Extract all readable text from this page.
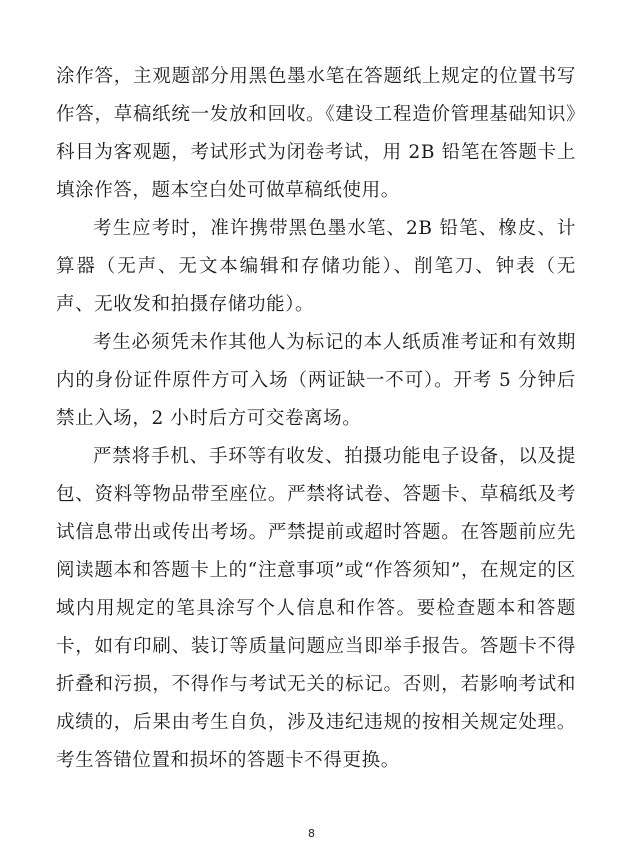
涂作答，主观题部分用黑色墨水笔在答题纸上规定的位置书写作答，草稿纸统一发放和回收。《建设工程造价管理基础知识》科目为客观题，考试形式为闭卷考试，用 2B 铅笔在答题卡上填涂作答，题本空白处可做草稿纸使用。

考生应考时，准许携带黑色墨水笔、2B 铅笔、橡皮、计算器（无声、无文本编辑和存储功能）、削笔刀、钟表（无声、无收发和拍摄存储功能）。

考生必须凭未作其他人为标记的本人纸质准考证和有效期内的身份证件原件方可入场（两证缺一不可）。开考 5 分钟后禁止入场，2 小时后方可交卷离场。

严禁将手机、手环等有收发、拍摄功能电子设备，以及提包、资料等物品带至座位。严禁将试卷、答题卡、草稿纸及考试信息带出或传出考场。严禁提前或超时答题。在答题前应先阅读题本和答题卡上的“注意事项”或“作答须知”，在规定的区域内用规定的笔具涂写个人信息和作答。要检查题本和答题卡，如有印刷、装订等质量问题应当即举手报告。答题卡不得折叠和污损，不得作与考试无关的标记。否则，若影响考试和成绩的，后果由考生自负，涉及违纪违规的按相关规定处理。考生答错位置和损坏的答题卡不得更换。

8
